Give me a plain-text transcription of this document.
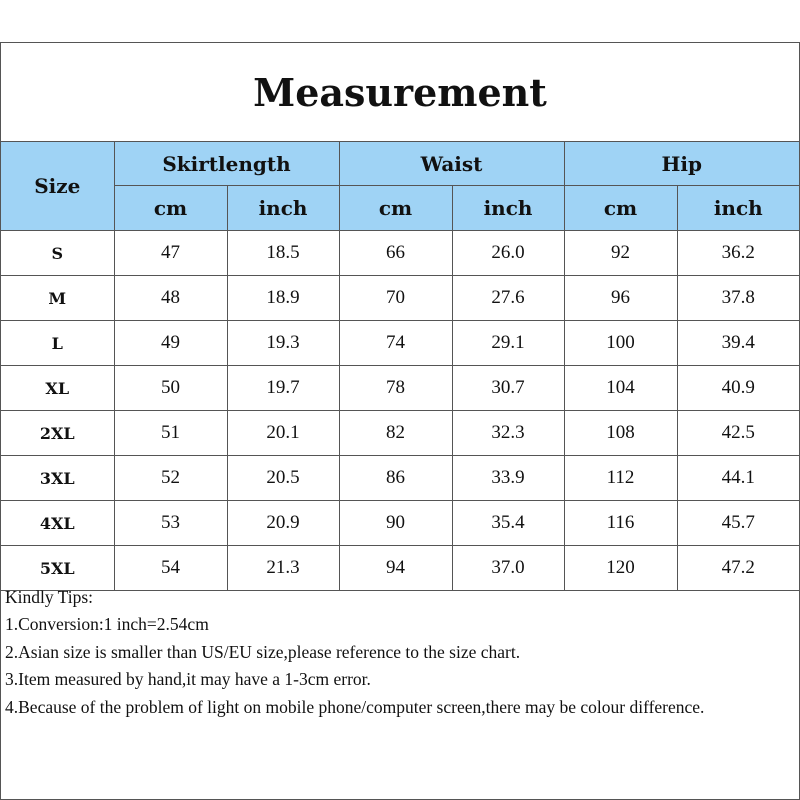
Measurement
Size	Skirtlength		Waist		Hip	
	cm	inch	cm	inch	cm	inch
S	47	18.5	66	26.0	92	36.2
M	48	18.9	70	27.6	96	37.8
L	49	19.3	74	29.1	100	39.4
XL	50	19.7	78	30.7	104	40.9
2XL	51	20.1	82	32.3	108	42.5
3XL	52	20.5	86	33.9	112	44.1
4XL	53	20.9	90	35.4	116	45.7
5XL	54	21.3	94	37.0	120	47.2
Kindly Tips:
1.Conversion:1 inch=2.54cm
2.Asian size is smaller than US/EU size,please reference to the size chart.
3.Item measured by hand,it may have a 1-3cm error.
4.Because of the problem of light on mobile phone/computer screen,there may be colour difference.
